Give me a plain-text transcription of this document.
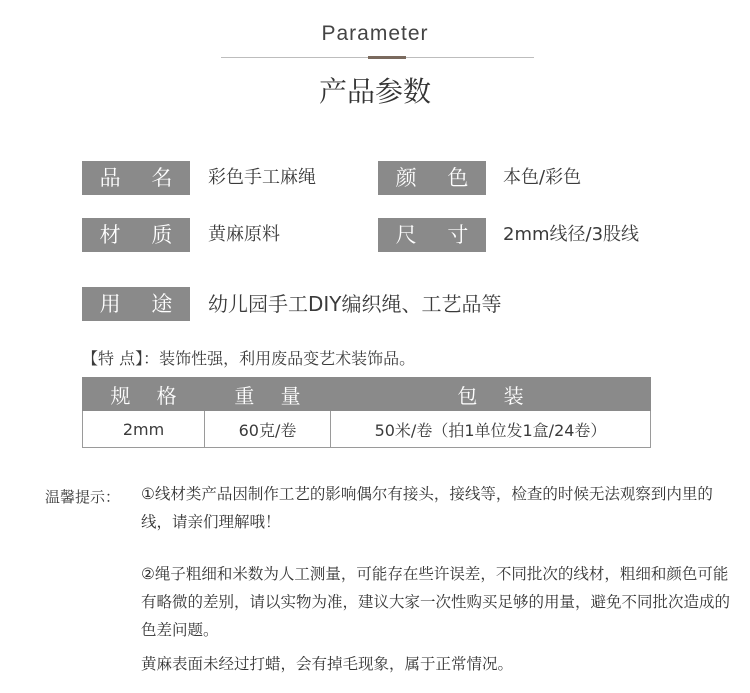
Parameter
产品参数
品 名	彩色手工麻绳	颜 色	本色/彩色
材 质	黄麻原料	尺 寸	2mm线径/3股线
用 途 幼儿园手工DIY编织绳、工艺品等
【特 点】：装饰性强，利用废品变艺术装饰品。
规 格	重 量	包 装
2mm	60克/卷	50米/卷（拍1单位发1盒/24卷）
温馨提示： ①线材类产品因制作工艺的影响偶尔有接头，接线等，检查的时候无法观察到内里的线，请亲们理解哦！
②绳子粗细和米数为人工测量，可能存在些许误差，不同批次的线材，粗细和颜色可能有略微的差别，请以实物为准，建议大家一次性购买足够的用量，避免不同批次造成的色差问题。
黄麻表面未经过打蜡，会有掉毛现象，属于正常情况。
